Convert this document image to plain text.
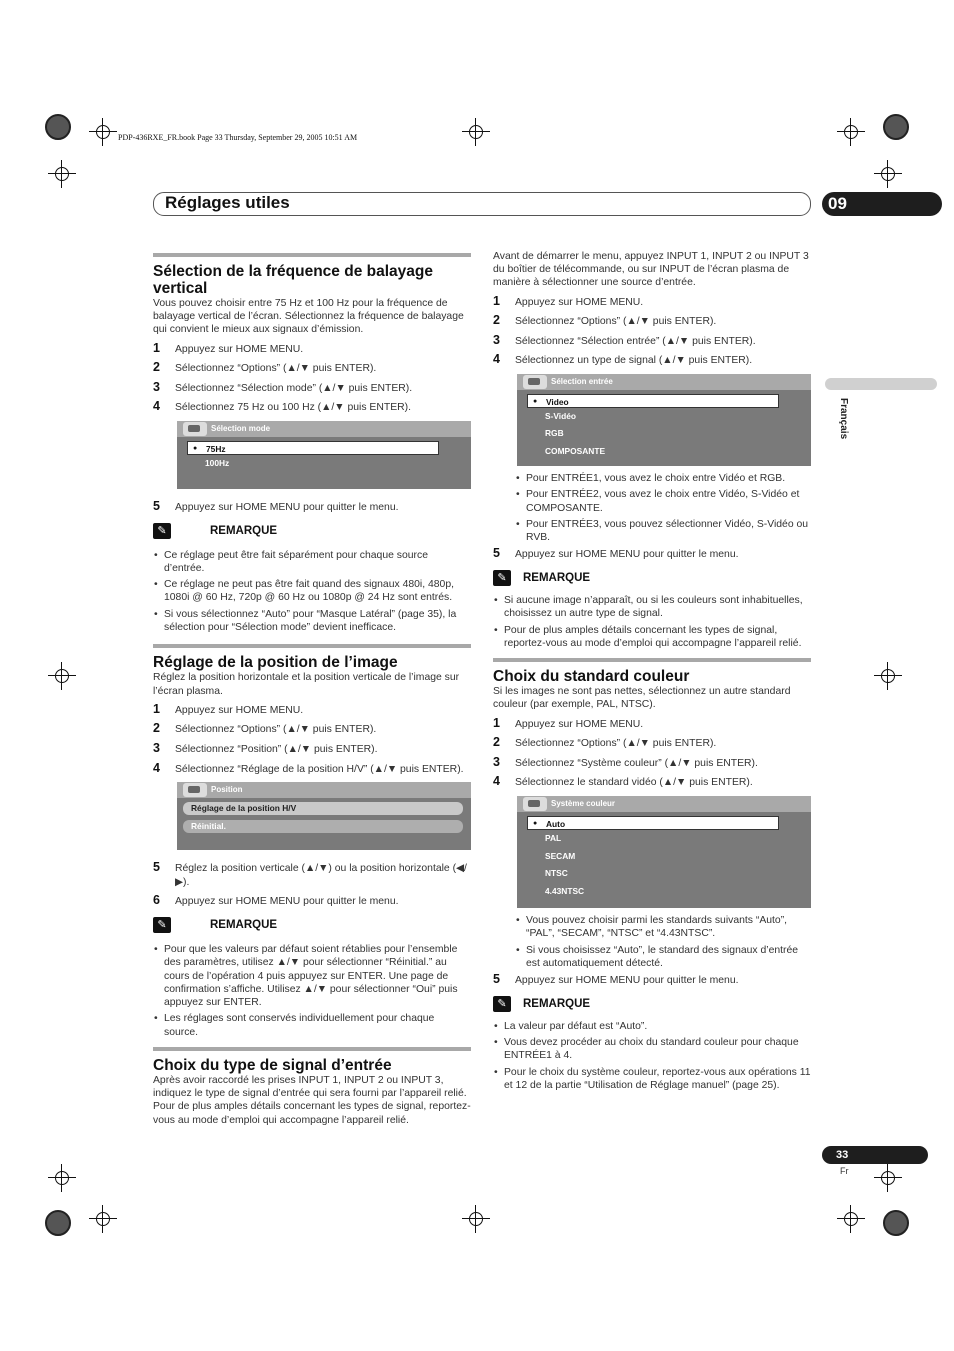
PDP-436RXE_FR.book Page 33 Thursday, September 29, 2005 10:51 AM
Réglages utiles	09
Français
Sélection de la fréquence de balayage vertical
Vous pouvez choisir entre 75 Hz et 100 Hz pour la fréquence de balayage vertical de l’écran. Sélectionnez la fréquence de balayage qui convient le mieux aux signaux d’émission.
1 Appuyez sur HOME MENU.
2 Sélectionnez “Options” (▲/▼ puis ENTER).
3 Sélectionnez “Sélection mode” (▲/▼ puis ENTER).
4 Sélectionnez 75 Hz ou 100 Hz (▲/▼ puis ENTER).
Sélection mode
● 75Hz
100Hz
5 Appuyez sur HOME MENU pour quitter le menu.
✎	REMARQUE
• Ce réglage peut être fait séparément pour chaque source d’entrée.
• Ce réglage ne peut pas être fait quand des signaux 480i, 480p, 1080i @ 60 Hz, 720p @ 60 Hz ou 1080p @ 24 Hz sont entrés.
• Si vous sélectionnez “Auto” pour “Masque Latéral” (page 35), la sélection pour “Sélection mode” devient inefficace.
Réglage de la position de l’image
Réglez la position horizontale et la position verticale de l’image sur l’écran plasma.
1 Appuyez sur HOME MENU.
2 Sélectionnez “Options” (▲/▼ puis ENTER).
3 Sélectionnez “Position” (▲/▼ puis ENTER).
4 Sélectionnez “Réglage de la position H/V” (▲/▼ puis ENTER).
Position
Réglage de la position H/V
Réinitial.
5 Réglez la position verticale (▲/▼) ou la position horizontale (◀/▶).
6 Appuyez sur HOME MENU pour quitter le menu.
✎	REMARQUE
• Pour que les valeurs par défaut soient rétablies pour l’ensemble des paramètres, utilisez ▲/▼ pour sélectionner “Réinitial.” au cours de l’opération 4 puis appuyez sur ENTER. Une page de confirmation s’affiche. Utilisez ▲/▼ pour sélectionner “Oui” puis appuyez sur ENTER.
• Les réglages sont conservés individuellement pour chaque source.
Choix du type de signal d’entrée
Après avoir raccordé les prises INPUT 1, INPUT 2 ou INPUT 3, indiquez le type de signal d’entrée qui sera fourni par l’appareil relié. Pour de plus amples détails concernant les types de signal, reportez-vous au mode d’emploi qui accompagne l’appareil relié.
Avant de démarrer le menu, appuyez INPUT 1, INPUT 2 ou INPUT 3 du boîtier de télécommande, ou sur INPUT de l’écran plasma de manière à sélectionner une source d’entrée.
1 Appuyez sur HOME MENU.
2 Sélectionnez “Options” (▲/▼ puis ENTER).
3 Sélectionnez “Sélection entrée” (▲/▼ puis ENTER).
4 Sélectionnez un type de signal (▲/▼ puis ENTER).
Sélection entrée
● Video
S-Vidéo
RGB
COMPOSANTE
• Pour ENTRÉE1, vous avez le choix entre Vidéo et RGB.
• Pour ENTRÉE2, vous avez le choix entre Vidéo, S-Vidéo et COMPOSANTE.
• Pour ENTRÉE3, vous pouvez sélectionner Vidéo, S-Vidéo ou RVB.
5 Appuyez sur HOME MENU pour quitter le menu.
✎	REMARQUE
• Si aucune image n’apparaît, ou si les couleurs sont inhabituelles, choisissez un autre type de signal.
• Pour de plus amples détails concernant les types de signal, reportez-vous au mode d’emploi qui accompagne l’appareil relié.
Choix du standard couleur
Si les images ne sont pas nettes, sélectionnez un autre standard couleur (par exemple, PAL, NTSC).
1 Appuyez sur HOME MENU.
2 Sélectionnez “Options” (▲/▼ puis ENTER).
3 Sélectionnez “Système couleur” (▲/▼ puis ENTER).
4 Sélectionnez le standard vidéo (▲/▼ puis ENTER).
Système couleur
● Auto
PAL
SECAM
NTSC
4.43NTSC
• Vous pouvez choisir parmi les standards suivants “Auto”, “PAL”, “SECAM”, “NTSC” et “4.43NTSC”.
• Si vous choisissez “Auto”, le standard des signaux d’entrée est automatiquement détecté.
5 Appuyez sur HOME MENU pour quitter le menu.
✎	REMARQUE
• La valeur par défaut est “Auto”.
• Vous devez procéder au choix du standard couleur pour chaque ENTRÉE1 à 4.
• Pour le choix du système couleur, reportez-vous aux opérations 11 et 12 de la partie “Utilisation de Réglage manuel” (page 25).
33
Fr
